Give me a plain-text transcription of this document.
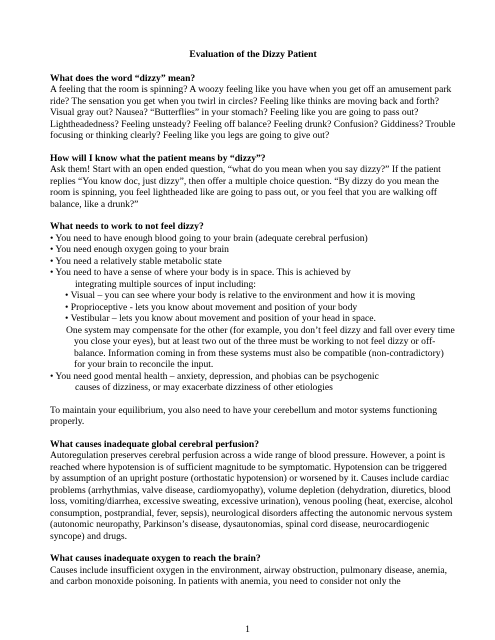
Evaluation of the Dizzy Patient

What does the word “dizzy” mean?

A feeling that the room is spinning? A woozy feeling like you have when you get off an amusement park ride? The sensation you get when you twirl in circles? Feeling like thinks are moving back and forth? Visual gray out? Nausea? “Butterflies” in your stomach? Feeling like you are going to pass out? Lightheadedness? Feeling unsteady? Feeling off balance? Feeling drunk? Confusion? Giddiness? Trouble focusing or thinking clearly? Feeling like you legs are going to give out?

How will I know what the patient means by “dizzy”?

Ask them! Start with an open ended question, “what do you mean when you say dizzy?” If the patient replies “You know doc, just dizzy”, then offer a multiple choice question. “By dizzy do you mean the room is spinning, you feel lightheaded like are going to pass out, or you feel that you are walking off balance, like a drunk?”

What needs to work to not feel dizzy?

• You need to have enough blood going to your brain (adequate cerebral perfusion)

• You need enough oxygen going to your brain

• You need a relatively stable metabolic state

• You need to have a sense of where your body is in space. This is achieved by

integrating multiple sources of input including:

• Visual – you can see where your body is relative to the environment and how it is moving

• Proprioceptive - lets you know about movement and position of your body

• Vestibular – lets you know about movement and position of your head in space.

One system may compensate for the other (for example, you don’t feel dizzy and fall over every time you close your eyes), but at least two out of the three must be working to not feel dizzy or off-balance. Information coming in from these systems must also be compatible (non-contradictory) for your brain to reconcile the input.

• You need good mental health – anxiety, depression, and phobias can be psychogenic

causes of dizziness, or may exacerbate dizziness of other etiologies

To maintain your equilibrium, you also need to have your cerebellum and motor systems functioning properly.

What causes inadequate global cerebral perfusion?

Autoregulation preserves cerebral perfusion across a wide range of blood pressure. However, a point is reached where hypotension is of sufficient magnitude to be symptomatic. Hypotension can be triggered by assumption of an upright posture (orthostatic hypotension) or worsened by it. Causes include cardiac problems (arrhythmias, valve disease, cardiomyopathy), volume depletion (dehydration, diuretics, blood loss, vomiting/diarrhea, excessive sweating, excessive urination), venous pooling (heat, exercise, alcohol consumption, postprandial, fever, sepsis), neurological disorders affecting the autonomic nervous system (autonomic neuropathy, Parkinson’s disease, dysautonomias, spinal cord disease, neurocardiogenic syncope) and drugs.

What causes inadequate oxygen to reach the brain?

Causes include insufficient oxygen in the environment, airway obstruction, pulmonary disease, anemia, and carbon monoxide poisoning. In patients with anemia, you need to consider not only the

1
